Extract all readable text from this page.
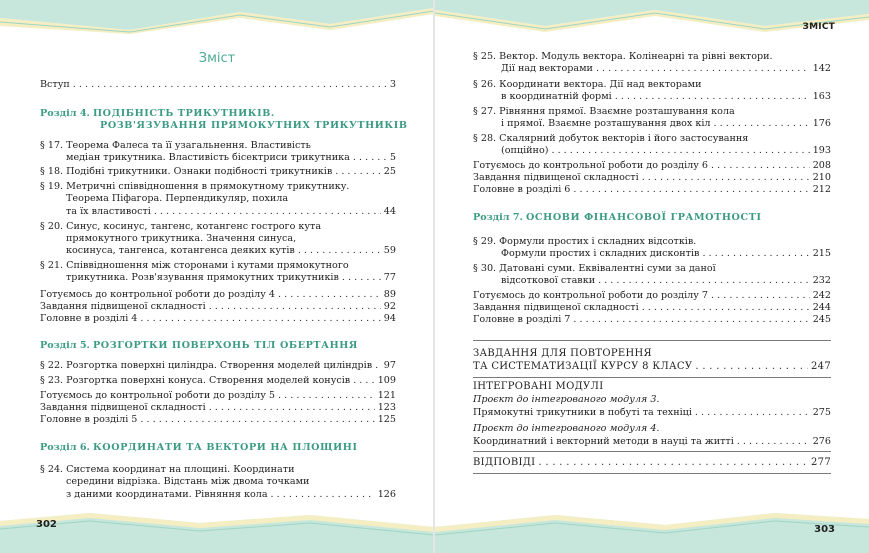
Зміст
Вступ . . .	3
Розділ 4. ПОДІБНІСТЬ ТРИКУТНИКІВ.
РОЗВ'ЯЗУВАННЯ ПРЯМОКУТНИХ ТРИКУТНИКІВ
§ 17. Теорема Фалеса та її узагальнення. Властивість
медіан трикутника. Властивість бісектриси трикутника . . .	5
§ 18. Подібні трикутники. Ознаки подібності трикутників . . .	25
§ 19. Метричні співвідношення в прямокутному трикутнику.
Теорема Піфагора. Перпендикуляр, похила
та їх властивості . . .	44
§ 20. Синус, косинус, тангенс, котангенс гострого кута
прямокутного трикутника. Значення синуса,
косинуса, тангенса, котангенса деяких кутів . . .	59
§ 21. Співвідношення між сторонами і кутами прямокутного
трикутника. Розв'язування прямокутних трикутників . . .	77
Готуємось до контрольної роботи до розділу 4 . . .	89
Завдання підвищеної складності . . .	92
Головне в розділі 4 . . .	94
Розділ 5. РОЗГОРТКИ ПОВЕРХОНЬ ТІЛ ОБЕРТАННЯ
§ 22. Розгортка поверхні циліндра. Створення моделей циліндрів . . . 97
§ 23. Розгортка поверхні конуса. Створення моделей конусів . . .	109
Готуємось до контрольної роботи до розділу 5 . . .	121
Завдання підвищеної складності . . .	123
Головне в розділі 5 . . .	125
Розділ 6. КООРДИНАТИ ТА ВЕКТОРИ НА ПЛОЩИНІ
§ 24. Система координат на площині. Координати
середини відрізка. Відстань між двома точками
з даними координатами. Рівняння кола . . .	126
302
ЗМІСТ
§ 25. Вектор. Модуль вектора. Колінеарні та рівні вектори.
Дії над векторами . . .	142
§ 26. Координати вектора. Дії над векторами
в координатній формі . . .	163
§ 27. Рівняння прямої. Взаємне розташування кола
і прямої. Взаємне розташування двох кіл . . .	176
§ 28. Скалярний добуток векторів і його застосування
(опційно) . . .	193
Готуємось до контрольної роботи до розділу 6 . . .	208
Завдання підвищеної складності . . .	210
Головне в розділі 6 . . .	212
Розділ 7. ОСНОВИ ФІНАНСОВОЇ ГРАМОТНОСТІ
§ 29. Формули простих і складних відсотків.
Формули простих і складних дисконтів . . .	215
§ 30. Датовані суми. Еквівалентні суми за даної
відсоткової ставки . . .	232
Готуємось до контрольної роботи до розділу 7 . . .	242
Завдання підвищеної складності . . .	244
Головне в розділі 7 . . .	245
ЗАВДАННЯ ДЛЯ ПОВТОРЕННЯ
ТА СИСТЕМАТИЗАЦІЇ КУРСУ 8 КЛАСУ . . .	247
ІНТЕГРОВАНІ МОДУЛІ
Проєкт до інтегрованого модуля 3.
Прямокутні трикутники в побуті та техніці . . .	275
Проєкт до інтегрованого модуля 4.
Координатний і векторний методи в науці та житті . . .	276
ВІДПОВІДІ . . .	277
303
